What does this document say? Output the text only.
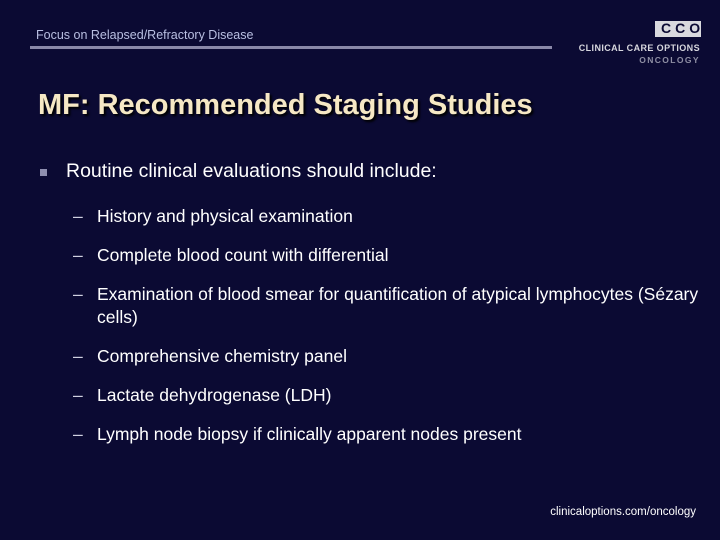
Focus on Relapsed/Refractory Disease	CCO
CLINICAL CARE OPTIONS
ONCOLOGY
MF: Recommended Staging Studies
Routine clinical evaluations should include:
– History and physical examination
– Complete blood count with differential
– Examination of blood smear for quantification of atypical lymphocytes (Sézary cells)
– Comprehensive chemistry panel
– Lactate dehydrogenase (LDH)
– Lymph node biopsy if clinically apparent nodes present
clinicaloptions.com/oncology
